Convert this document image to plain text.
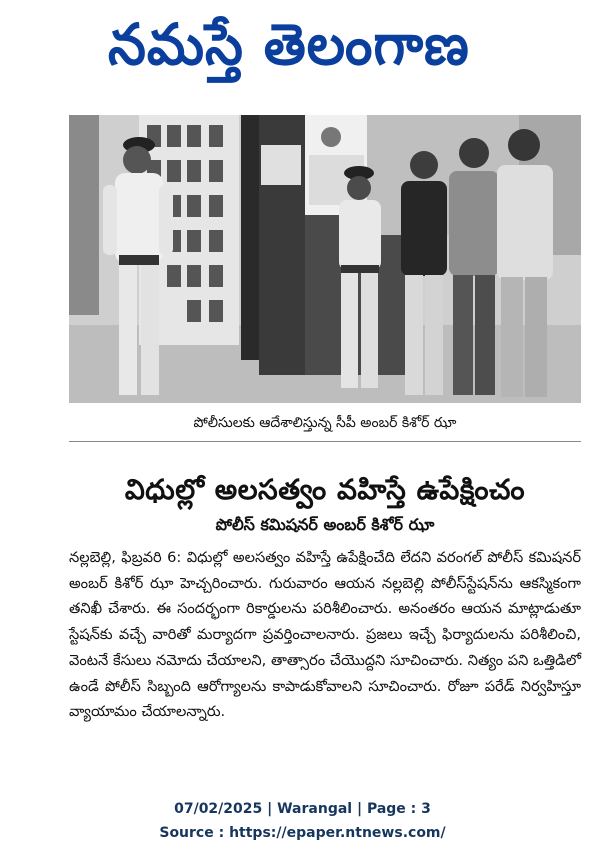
నమస్తే తెలంగాణ
పోలీసులకు ఆదేశాలిస్తున్న సీపీ అంబర్ కిశోర్ ఝా
విధుల్లో అలసత్వం వహిస్తే ఉపేక్షించం
పోలీస్ కమిషనర్ అంబర్ కిశోర్ ఝా
నల్లబెల్లి, ఫిబ్రవరి 6: విధుల్లో అలసత్వం వహిస్తే ఉపేక్షించేది లేదని వరంగల్ పోలీస్ కమిషనర్ అంబర్ కిశోర్ ఝా హెచ్చరించారు. గురువారం ఆయన నల్లబెల్లి పోలీస్‌స్టేషన్‌ను ఆకస్మికంగా తనిఖీ చేశారు. ఈ సందర్భంగా రికార్డులను పరిశీలించారు. అనంతరం ఆయన మాట్లాడుతూ స్టేషన్‌కు వచ్చే వారితో మర్యాదగా ప్రవర్తించాలనారు. ప్రజలు ఇచ్చే ఫిర్యాదులను పరిశీలించి, వెంటనే కేసులు నమోదు చేయాలని, తాత్సారం చేయొద్దని సూచించారు. నిత్యం పని ఒత్తిడిలో ఉండే పోలీస్ సిబ్బంది ఆరోగ్యాలను కాపాడుకోవాలని సూచించారు. రోజూ పరేడ్ నిర్వహిస్తూ వ్యాయామం చేయాలన్నారు.
07/02/2025 | Warangal | Page : 3
Source : https://epaper.ntnews.com/
